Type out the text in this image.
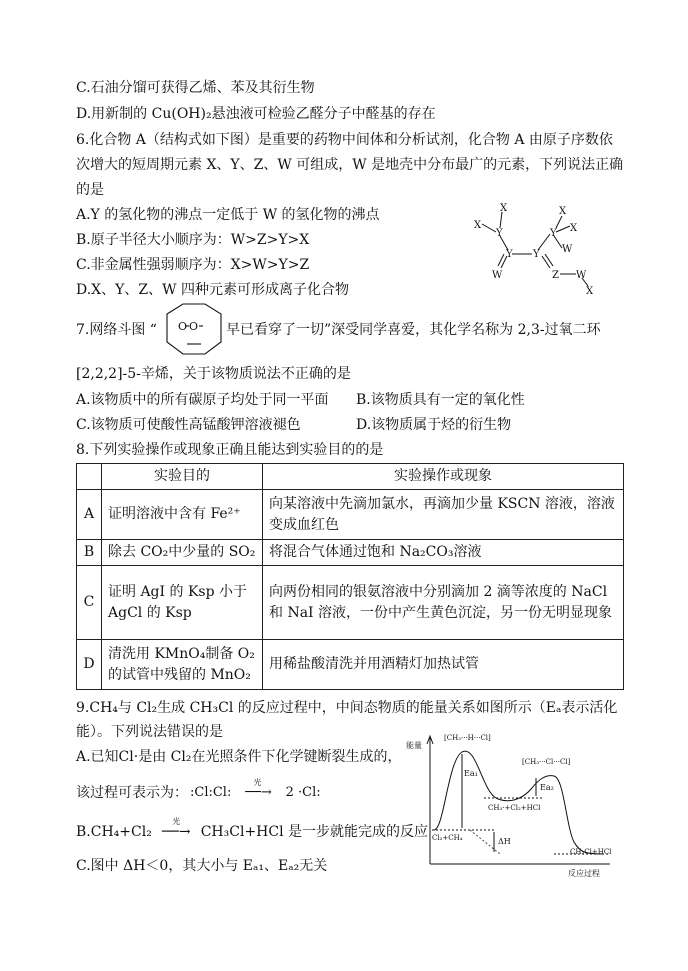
C.石油分馏可获得乙烯、苯及其衍生物
D.用新制的 Cu(OH)₂悬浊液可检验乙醛分子中醛基的存在
6.化合物 A（结构式如下图）是重要的药物中间体和分析试剂，化合物 A 由原子序数依
次增大的短周期元素 X、Y、Z、W 可组成，W 是地壳中分布最广的元素，下列说法正确
的是
A.Y 的氢化物的沸点一定低于 W 的氢化物的沸点
B.原子半径大小顺序为：W>Z>Y>X
C.非金属性强弱顺序为：X>W>Y>Z
D.X、Y、Z、W 四种元素可形成离子化合物
X
X	X
Y
Y Y
Y
W
W
Z W
X
X
7.网络斗图 “ O O 早已看穿了一切”深受同学喜爱，其化学名称为 2,3-过氧二环
[2,2,2]-5-辛烯，关于该物质说法不正确的是
A.该物质中的所有碳原子均处于同一平面 B.该物质具有一定的氧化性
C.该物质可使酸性高锰酸钾溶液褪色	D.该物质属于烃的衍生物
8.下列实验操作或现象正确且能达到实验目的的是
	实验目的	实验操作或现象
A	证明溶液中含有 Fe²⁺	向某溶液中先滴加氯水，再滴加少量 KSCN 溶液，溶液变成血红色
B	除去 CO₂中少量的 SO₂	将混合气体通过饱和 Na₂CO₃溶液
C	证明 AgI 的 Ksp 小于 AgCl 的 Ksp	向两份相同的银氨溶液中分别滴加 2 滴等浓度的 NaCl 和 NaI 溶液，一份中产生黄色沉淀，另一份无明显现象
D	清洗用 KMnO₄制备 O₂的试管中残留的 MnO₂	用稀盐酸清洗并用酒精灯加热试管
9.CH₄与 Cl₂生成 CH₃Cl 的反应过程中，中间态物质的能量关系如图所示（Eₐ表示活化
能）。下列说法错误的是
A.已知Cl·是由 Cl₂在光照条件下化学键断裂生成的，
该过程可表示为： :Cl:Cl:
光
──→ 2 ·Cl:
B.CH₄+Cl₂
光
──→ CH₃Cl+HCl 是一步就能完成的反应
C.图中 ΔH＜0，其大小与 Eₐ₁、Eₐ₂无关
能量
反应过程
[CH₃···H···Cl]
[CH₃···Cl···Cl]
Ea₁
Ea₂
CH₃·+Cl₂+HCl
Cl₂+CH₄
CH₃Cl+HCl
ΔH
